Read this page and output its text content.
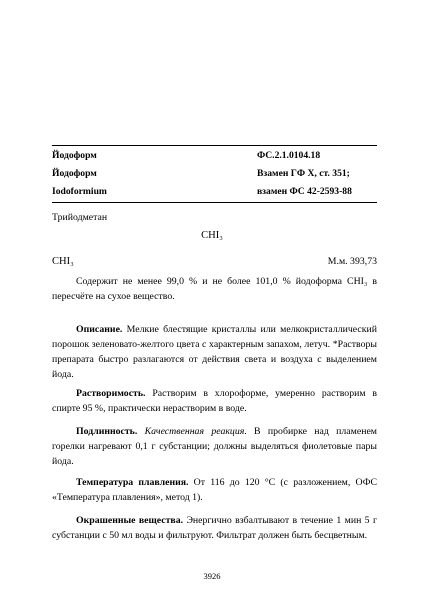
Йодоформ	ФС.2.1.0104.18
Йодоформ	Взамен ГФ X, ст. 351;
Iodoformium	взамен ФС 42-2593-88
Трийодметан
CHI₃
CHI₃	М.м. 393,73
Содержит не менее 99,0 % и не более 101,0 % йодоформа CHI₃ в пересчёте на сухое вещество.
Описание. Мелкие блестящие кристаллы или мелкокристаллический порошок зеленовато-желтого цвета с характерным запахом, летуч. *Растворы препарата быстро разлагаются от действия света и воздуха с выделением йода.
Растворимость. Растворим в хлороформе, умеренно растворим в спирте 95 %, практически нерастворим в воде.
Подлинность. Качественная реакция. В пробирке над пламенем горелки нагревают 0,1 г субстанции; должны выделяться фиолетовые пары йода.
Температура плавления. От 116 до 120 °C (с разложением, ОФС «Температура плавления», метод 1).
Окрашенные вещества. Энергично взбалтывают в течение 1 мин 5 г субстанции с 50 мл воды и фильтруют. Фильтрат должен быть бесцветным.
3926
